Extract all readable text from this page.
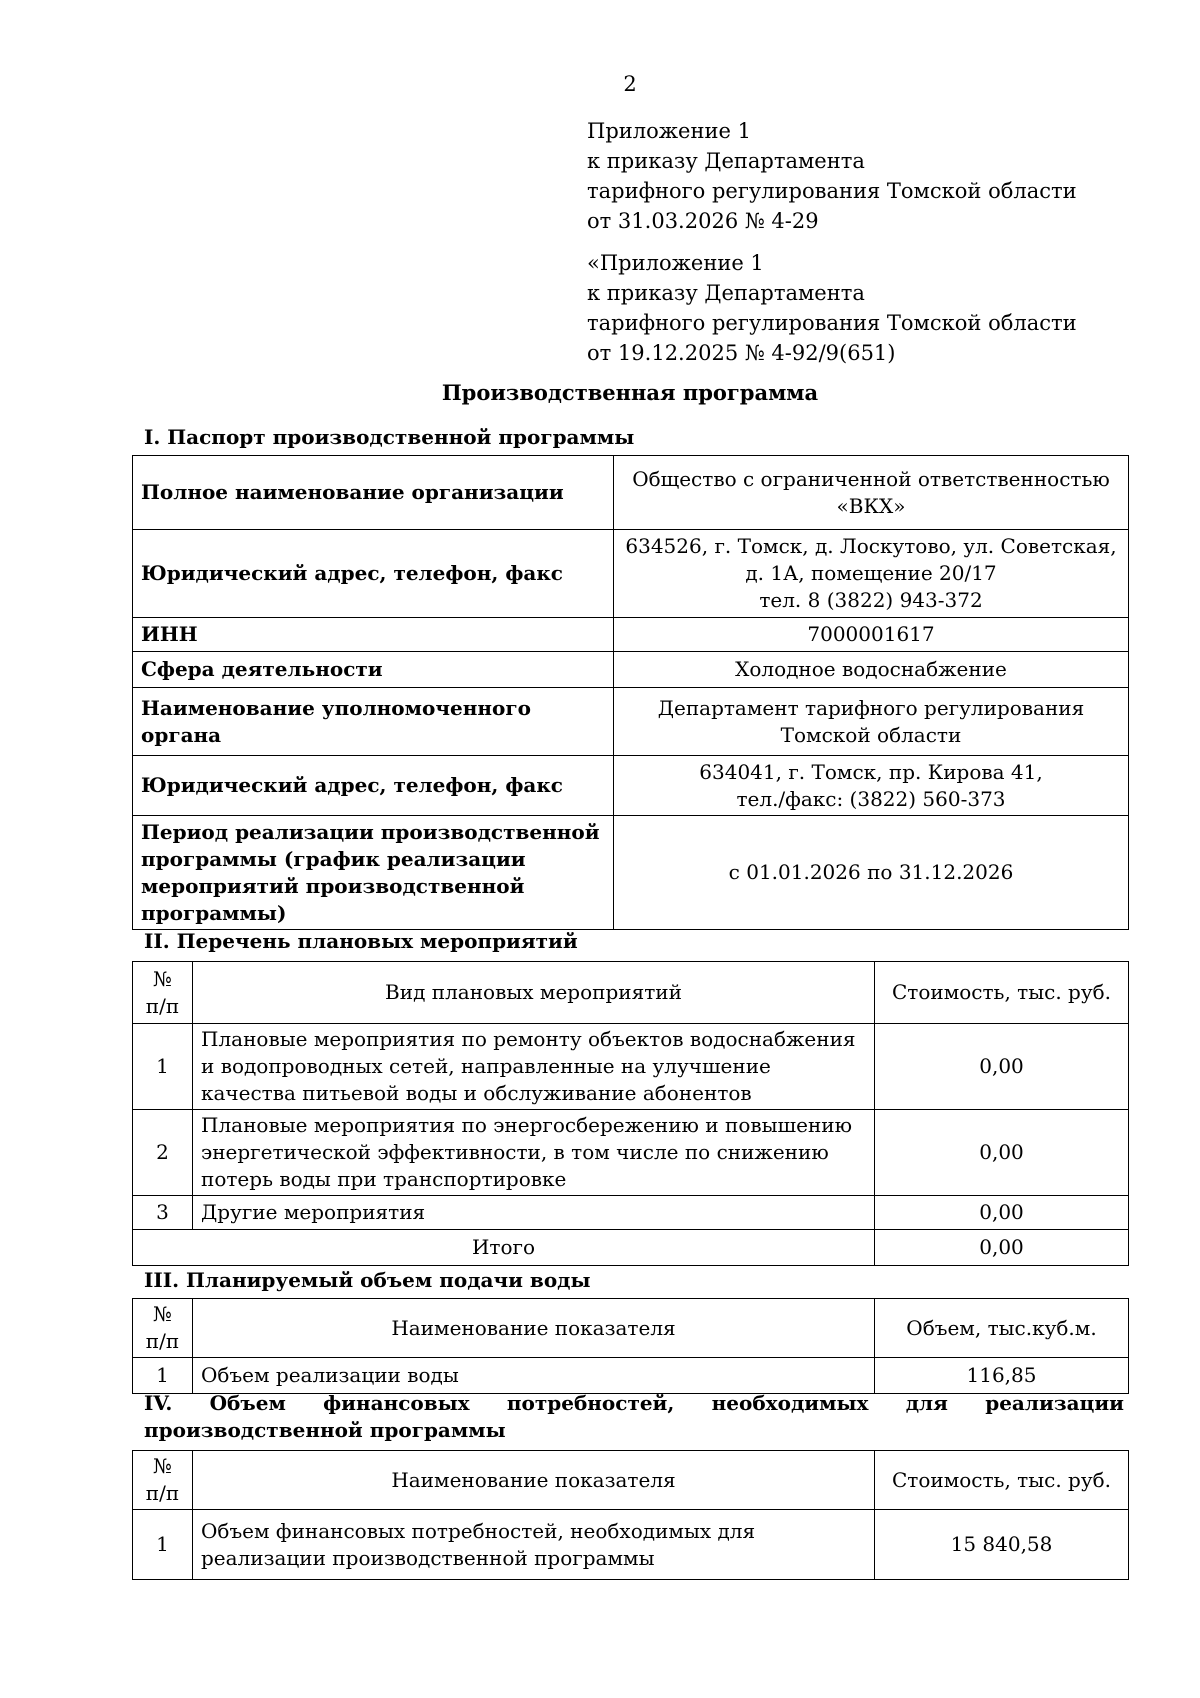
2
Приложение 1
к приказу Департамента
тарифного регулирования Томской области
от 31.03.2026 № 4-29
«Приложение 1
к приказу Департамента
тарифного регулирования Томской области
от 19.12.2025 № 4-92/9(651)
Производственная программа
I. Паспорт производственной программы
Полное наименование организации	Общество с ограниченной ответственностью
«ВКХ»

Юридический адрес, телефон, факс	634526, г. Томск, д. Лоскутово, ул. Советская,
д. 1А, помещение 20/17
тел. 8 (3822) 943-372

ИНН	7000001617
Сфера деятельности	Холодное водоснабжение
Наименование уполномоченного органа	Департамент тарифного регулирования
Томской области

Юридический адрес, телефон, факс	634041, г. Томск, пр. Кирова 41,
тел./факс: (3822) 560-373

Период реализации производственной программы (график реализации мероприятий производственной программы)	с 01.01.2026 по 31.12.2026
II. Перечень плановых мероприятий
№ п/п	Вид плановых мероприятий	Стоимость, тыс. руб.
1	Плановые мероприятия по ремонту объектов водоснабжения и водопроводных сетей, направленные на улучшение качества питьевой воды и обслуживание абонентов	0,00
2	Плановые мероприятия по энергосбережению и повышению энергетической эффективности, в том числе по снижению потерь воды при транспортировке	0,00
3	Другие мероприятия	0,00
Итого		0,00
III. Планируемый объем подачи воды
№ п/п	Наименование показателя	Объем, тыс.куб.м.
1	Объем реализации воды	116,85
IV. Объем финансовых потребностей, необходимых для реализации производственной программы
№ п/п	Наименование показателя	Стоимость, тыс. руб.
1	Объем финансовых потребностей, необходимых для реализации производственной программы	15 840,58
